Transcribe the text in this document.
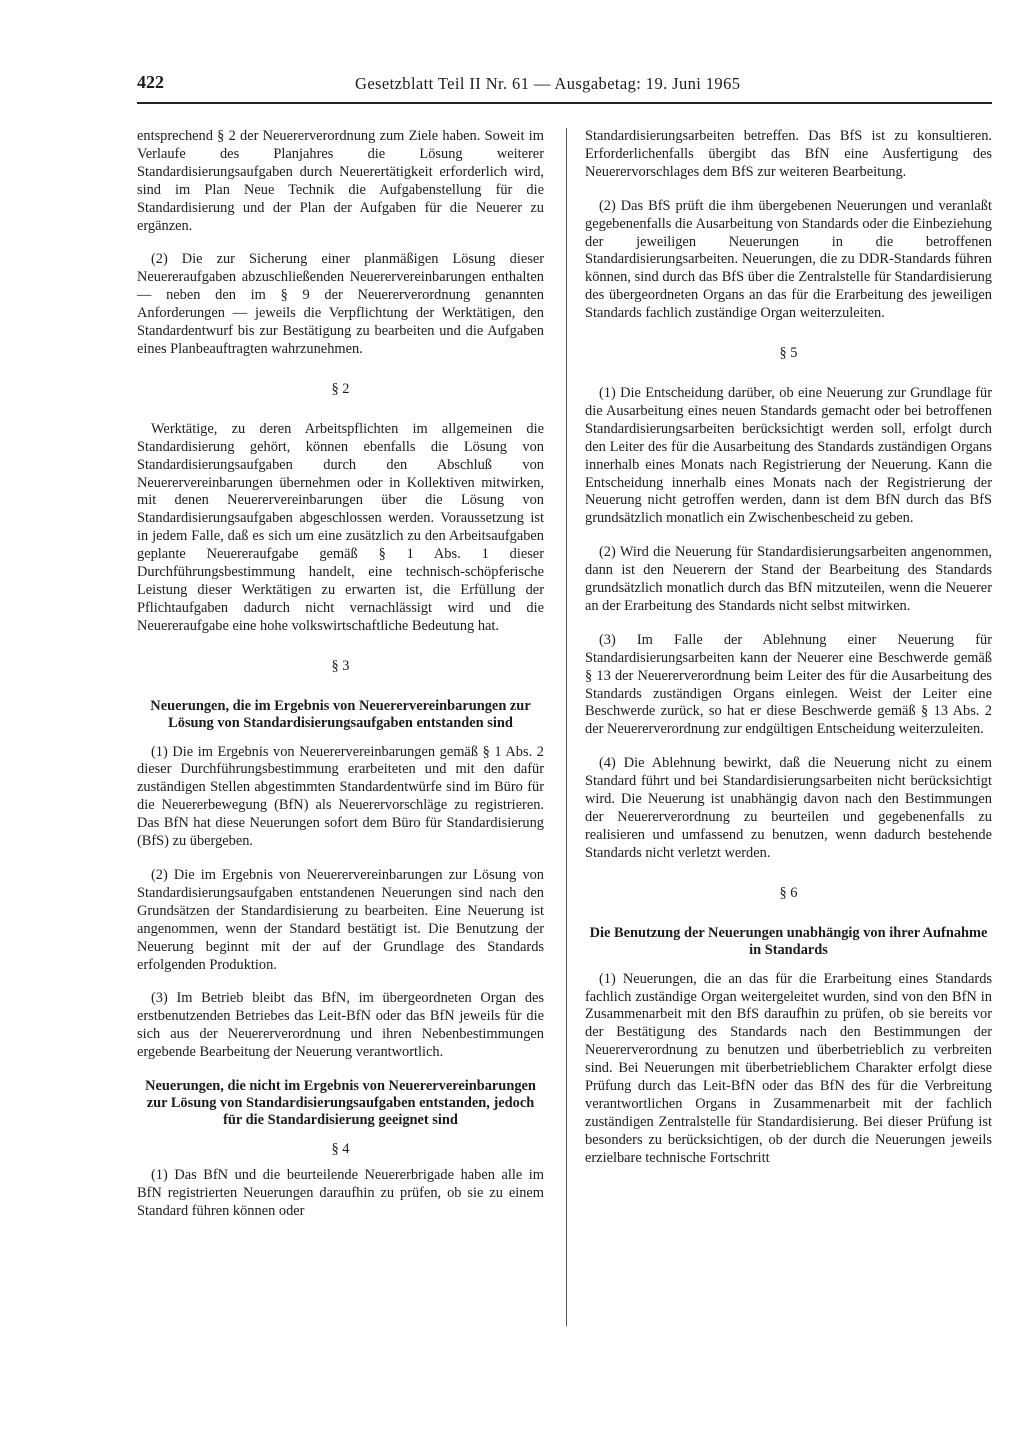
422	Gesetzblatt Teil II Nr. 61 — Ausgabetag: 19. Juni 1965

entsprechend § 2 der Neuererverordnung zum Ziele haben. Soweit im Verlaufe des Planjahres die Lösung weiterer Standardisierungsaufgaben durch Neuerertätigkeit erforderlich wird, sind im Plan Neue Technik die Aufgabenstellung für die Standardisierung und der Plan der Aufgaben für die Neuerer zu ergänzen.

(2) Die zur Sicherung einer planmäßigen Lösung dieser Neuereraufgaben abzuschließenden Neuerervereinbarungen enthalten — neben den im § 9 der Neuererverordnung genannten Anforderungen — jeweils die Verpflichtung der Werktätigen, den Standardentwurf bis zur Bestätigung zu bearbeiten und die Aufgaben eines Planbeauftragten wahrzunehmen.

§ 2

Werktätige, zu deren Arbeitspflichten im allgemeinen die Standardisierung gehört, können ebenfalls die Lösung von Standardisierungsaufgaben durch den Abschluß von Neuerervereinbarungen übernehmen oder in Kollektiven mitwirken, mit denen Neuerervereinbarungen über die Lösung von Standardisierungsaufgaben abgeschlossen werden. Voraussetzung ist in jedem Falle, daß es sich um eine zusätzlich zu den Arbeitsaufgaben geplante Neuereraufgabe gemäß § 1 Abs. 1 dieser Durchführungsbestimmung handelt, eine technisch-schöpferische Leistung dieser Werktätigen zu erwarten ist, die Erfüllung der Pflichtaufgaben dadurch nicht vernachlässigt wird und die Neuereraufgabe eine hohe volkswirtschaftliche Bedeutung hat.

§ 3
Neuerungen, die im Ergebnis von Neuerervereinbarungen zur Lösung von Standardisierungsaufgaben entstanden sind

(1) Die im Ergebnis von Neuerervereinbarungen gemäß § 1 Abs. 2 dieser Durchführungsbestimmung erarbeiteten und mit den dafür zuständigen Stellen abgestimmten Standardentwürfe sind im Büro für die Neuererbewegung (BfN) als Neuerervorschläge zu registrieren. Das BfN hat diese Neuerungen sofort dem Büro für Standardisierung (BfS) zu übergeben.

(2) Die im Ergebnis von Neuerervereinbarungen zur Lösung von Standardisierungsaufgaben entstandenen Neuerungen sind nach den Grundsätzen der Standardisierung zu bearbeiten. Eine Neuerung ist angenommen, wenn der Standard bestätigt ist. Die Benutzung der Neuerung beginnt mit der auf der Grundlage des Standards erfolgenden Produktion.

(3) Im Betrieb bleibt das BfN, im übergeordneten Organ des erstbenutzenden Betriebes das Leit-BfN oder das BfN jeweils für die sich aus der Neuererverordnung und ihren Nebenbestimmungen ergebende Bearbeitung der Neuerung verantwortlich.

Neuerungen, die nicht im Ergebnis von Neuerervereinbarungen zur Lösung von Standardisierungsaufgaben entstanden, jedoch für die Standardisierung geeignet sind
§ 4

(1) Das BfN und die beurteilende Neuererbrigade haben alle im BfN registrierten Neuerungen daraufhin zu prüfen, ob sie zu einem Standard führen können oder

Standardisierungsarbeiten betreffen. Das BfS ist zu konsultieren. Erforderlichenfalls übergibt das BfN eine Ausfertigung des Neuerervorschlages dem BfS zur weiteren Bearbeitung.

(2) Das BfS prüft die ihm übergebenen Neuerungen und veranlaßt gegebenenfalls die Ausarbeitung von Standards oder die Einbeziehung der jeweiligen Neuerungen in die betroffenen Standardisierungsarbeiten. Neuerungen, die zu DDR-Standards führen können, sind durch das BfS über die Zentralstelle für Standardisierung des übergeordneten Organs an das für die Erarbeitung des jeweiligen Standards fachlich zuständige Organ weiterzuleiten.

§ 5

(1) Die Entscheidung darüber, ob eine Neuerung zur Grundlage für die Ausarbeitung eines neuen Standards gemacht oder bei betroffenen Standardisierungsarbeiten berücksichtigt werden soll, erfolgt durch den Leiter des für die Ausarbeitung des Standards zuständigen Organs innerhalb eines Monats nach Registrierung der Neuerung. Kann die Entscheidung innerhalb eines Monats nach der Registrierung der Neuerung nicht getroffen werden, dann ist dem BfN durch das BfS grundsätzlich monatlich ein Zwischenbescheid zu geben.

(2) Wird die Neuerung für Standardisierungsarbeiten angenommen, dann ist den Neuerern der Stand der Bearbeitung des Standards grundsätzlich monatlich durch das BfN mitzuteilen, wenn die Neuerer an der Erarbeitung des Standards nicht selbst mitwirken.

(3) Im Falle der Ablehnung einer Neuerung für Standardisierungsarbeiten kann der Neuerer eine Beschwerde gemäß § 13 der Neuererverordnung beim Leiter des für die Ausarbeitung des Standards zuständigen Organs einlegen. Weist der Leiter eine Beschwerde zurück, so hat er diese Beschwerde gemäß § 13 Abs. 2 der Neuererverordnung zur endgültigen Entscheidung weiterzuleiten.

(4) Die Ablehnung bewirkt, daß die Neuerung nicht zu einem Standard führt und bei Standardisierungsarbeiten nicht berücksichtigt wird. Die Neuerung ist unabhängig davon nach den Bestimmungen der Neuererverordnung zu beurteilen und gegebenenfalls zu realisieren und umfassend zu benutzen, wenn dadurch bestehende Standards nicht verletzt werden.

§ 6
Die Benutzung der Neuerungen unabhängig von ihrer Aufnahme in Standards

(1) Neuerungen, die an das für die Erarbeitung eines Standards fachlich zuständige Organ weitergeleitet wurden, sind von den BfN in Zusammenarbeit mit den BfS daraufhin zu prüfen, ob sie bereits vor der Bestätigung des Standards nach den Bestimmungen der Neuererverordnung zu benutzen und überbetrieblich zu verbreiten sind. Bei Neuerungen mit überbetrieblichem Charakter erfolgt diese Prüfung durch das Leit-BfN oder das BfN des für die Verbreitung verantwortlichen Organs in Zusammenarbeit mit der fachlich zuständigen Zentralstelle für Standardisierung. Bei dieser Prüfung ist besonders zu berücksichtigen, ob der durch die Neuerungen jeweils erzielbare technische Fortschritt
